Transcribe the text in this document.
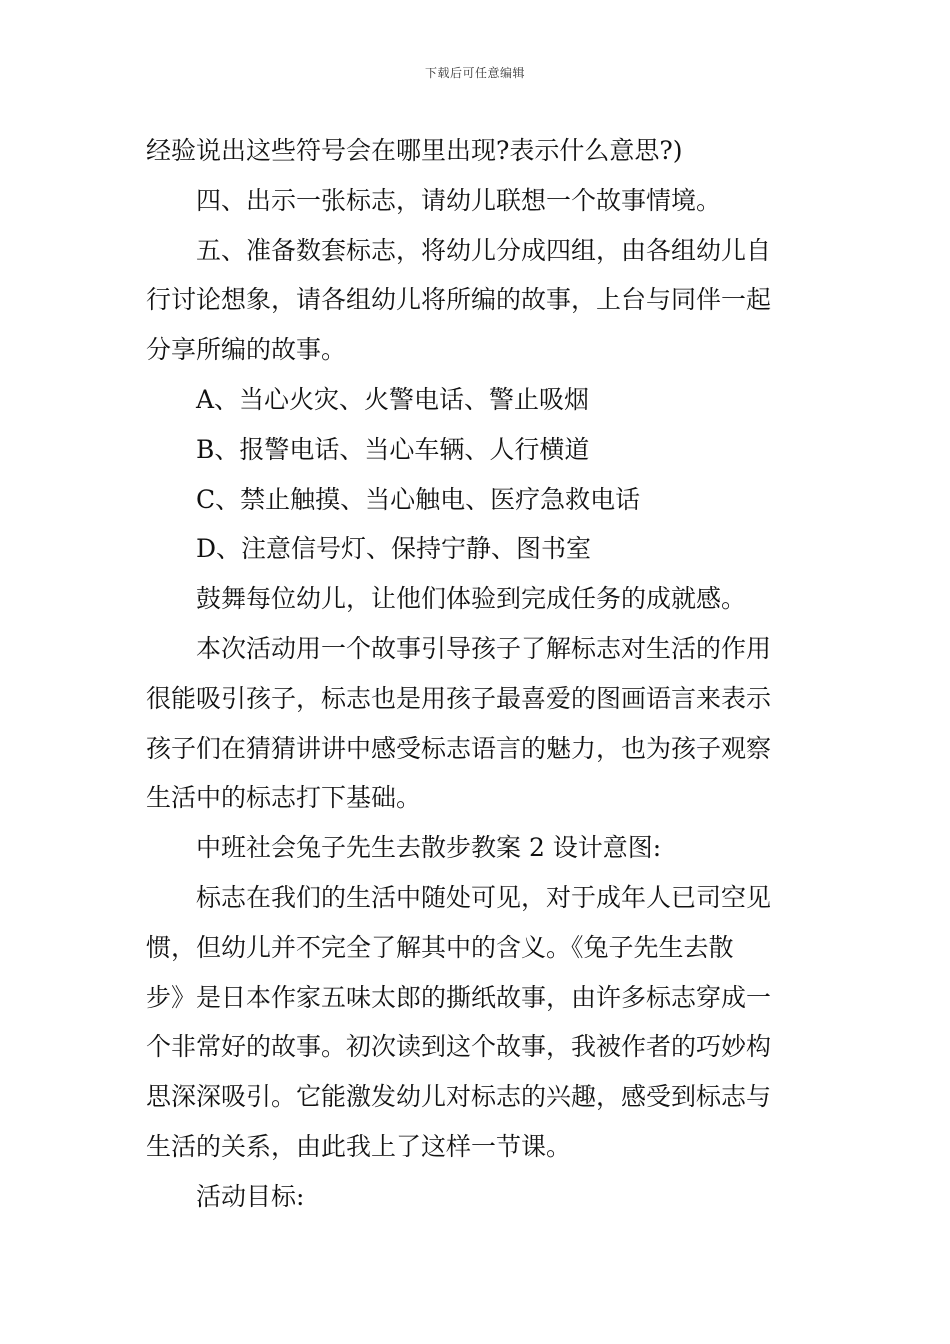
下载后可任意编辑
经验说出这些符号会在哪里出现?表示什么意思?)
四、出示一张标志，请幼儿联想一个故事情境。
五、准备数套标志，将幼儿分成四组，由各组幼儿自
行讨论想象，请各组幼儿将所编的故事，上台与同伴一起
分享所编的故事。
A、当心火灾、火警电话、警止吸烟
B、报警电话、当心车辆、人行横道
C、禁止触摸、当心触电、医疗急救电话
D、注意信号灯、保持宁静、图书室
鼓舞每位幼儿，让他们体验到完成任务的成就感。
本次活动用一个故事引导孩子了解标志对生活的作用
很能吸引孩子，标志也是用孩子最喜爱的图画语言来表示
孩子们在猜猜讲讲中感受标志语言的魅力，也为孩子观察
生活中的标志打下基础。
中班社会兔子先生去散步教案 2 设计意图:
标志在我们的生活中随处可见，对于成年人已司空见
惯，但幼儿并不完全了解其中的含义。《兔子先生去散
步》是日本作家五味太郎的撕纸故事，由许多标志穿成一
个非常好的故事。初次读到这个故事，我被作者的巧妙构
思深深吸引。它能激发幼儿对标志的兴趣，感受到标志与
生活的关系，由此我上了这样一节课。
活动目标:
